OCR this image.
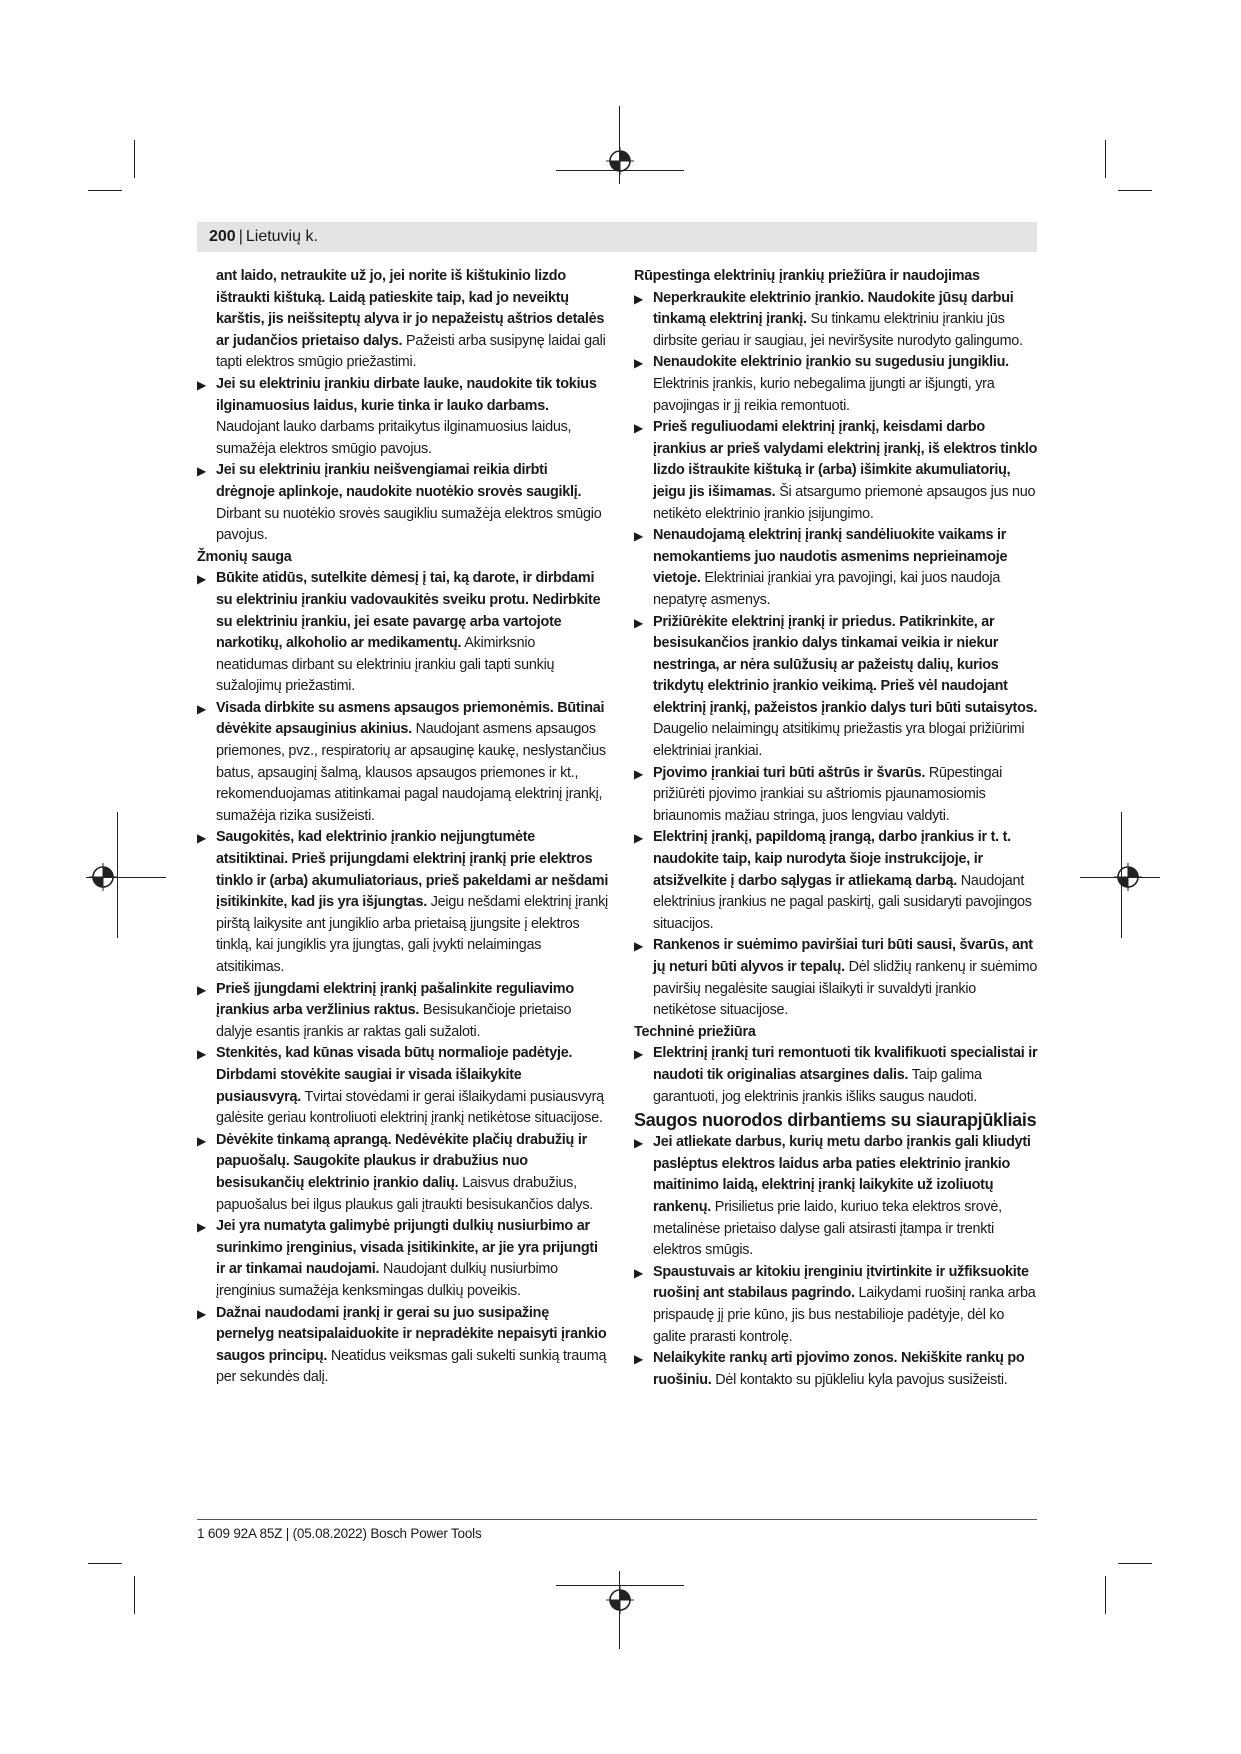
200 | Lietuvių k.

ant laido, netraukite už jo, jei norite iš kištukinio lizdo ištraukti kištuką. Laidą patieskite taip, kad jo neveiktų karštis, jis neišsiteptų alyva ir jo nepažeistų aštrios detalės ar judančios prietaiso dalys. Pažeisti arba susipynę laidai gali tapti elektros smūgio priežastimi.

▶ Jei su elektriniu įrankiu dirbate lauke, naudokite tik tokius ilginamuosius laidus, kurie tinka ir lauko darbams. Naudojant lauko darbams pritaikytus ilginamuosius laidus, sumažėja elektros smūgio pavojus.

▶ Jei su elektriniu įrankiu neišvengiamai reikia dirbti drėgnoje aplinkoje, naudokite nuotėkio srovės saugiklį. Dirbant su nuotėkio srovės saugikliu sumažėja elektros smūgio pavojus.

Žmonių sauga

▶ Būkite atidūs, sutelkite dėmesį į tai, ką darote, ir dirbdami su elektriniu įrankiu vadovaukitės sveiku protu. Nedirbkite su elektriniu įrankiu, jei esate pavargę arba vartojote narkotikų, alkoholio ar medikamentų. Akimirksnio neatidumas dirbant su elektriniu įrankiu gali tapti sunkių sužalojimų priežastimi.

▶ Visada dirbkite su asmens apsaugos priemonėmis. Būtinai dėvėkite apsauginius akinius. Naudojant asmens apsaugos priemones, pvz., respiratorių ar apsauginę kaukę, neslystančius batus, apsauginį šalmą, klausos apsaugos priemones ir kt., rekomenduojamas atitinkamai pagal naudojamą elektrinį įrankį, sumažėja rizika susižeisti.

▶ Saugokitės, kad elektrinio įrankio neįjungtumėte atsitiktinai. Prieš prijungdami elektrinį įrankį prie elektros tinklo ir (arba) akumuliatoriaus, prieš pakeldami ar nešdami įsitikinkite, kad jis yra išjungtas. Jeigu nešdami elektrinį įrankį pirštą laikysite ant jungiklio arba prietaisą įjungsite į elektros tinklą, kai jungiklis yra įjungtas, gali įvykti nelaimingas atsitikimas.

▶ Prieš įjungdami elektrinį įrankį pašalinkite reguliavimo įrankius arba veržlinius raktus. Besisukančioje prietaiso dalyje esantis įrankis ar raktas gali sužaloti.

▶ Stenkitės, kad kūnas visada būtų normalioje padėtyje. Dirbdami stovėkite saugiai ir visada išlaikykite pusiausvyrą. Tvirtai stovėdami ir gerai išlaikydami pusiausvyrą galėsite geriau kontroliuoti elektrinį įrankį netikėtose situacijose.

▶ Dėvėkite tinkamą aprangą. Nedėvėkite plačių drabužių ir papuošalų. Saugokite plaukus ir drabužius nuo besisukančių elektrinio įrankio dalių. Laisvus drabužius, papuošalus bei ilgus plaukus gali įtraukti besisukančios dalys.

▶ Jei yra numatyta galimybė prijungti dulkių nusiurbimo ar surinkimo įrenginius, visada įsitikinkite, ar jie yra prijungti ir ar tinkamai naudojami. Naudojant dulkių nusiurbimo įrenginius sumažėja kenksmingas dulkių poveikis.

▶ Dažnai naudodami įrankį ir gerai su juo susipažinę pernelyg neatsipalaiduokite ir nepradėkite nepaisyti įrankio saugos principų. Neatidus veiksmas gali sukelti sunkią traumą per sekundės dalį.

Rūpestinga elektrinių įrankių priežiūra ir naudojimas

▶ Neperkraukite elektrinio įrankio. Naudokite jūsų darbui tinkamą elektrinį įrankį. Su tinkamu elektriniu įrankiu jūs dirbsite geriau ir saugiau, jei neviršysite nurodyto galingumo.

▶ Nenaudokite elektrinio įrankio su sugedusiu jungikliu. Elektrinis įrankis, kurio nebegalima įjungti ar išjungti, yra pavojingas ir jį reikia remontuoti.

▶ Prieš reguliuodami elektrinį įrankį, keisdami darbo įrankius ar prieš valydami elektrinį įrankį, iš elektros tinklo lizdo ištraukite kištuką ir (arba) išimkite akumuliatorių, jeigu jis išimamas. Ši atsargumo priemonė apsaugos jus nuo netikėto elektrinio įrankio įsijungimo.

▶ Nenaudojamą elektrinį įrankį sandėliuokite vaikams ir nemokantiems juo naudotis asmenims neprieinamoje vietoje. Elektriniai įrankiai yra pavojingi, kai juos naudoja nepatyrę asmenys.

▶ Prižiūrėkite elektrinį įrankį ir priedus. Patikrinkite, ar besisukančios įrankio dalys tinkamai veikia ir niekur nestringa, ar nėra sulūžusių ar pažeistų dalių, kurios trikdytų elektrinio įrankio veikimą. Prieš vėl naudojant elektrinį įrankį, pažeistos įrankio dalys turi būti sutaisytos. Daugelio nelaimingų atsitikimų priežastis yra blogai prižiūrimi elektriniai įrankiai.

▶ Pjovimo įrankiai turi būti aštrūs ir švarūs. Rūpestingai prižiūrėti pjovimo įrankiai su aštriomis pjaunamosiomis briaunomis mažiau stringa, juos lengviau valdyti.

▶ Elektrinį įrankį, papildomą įrangą, darbo įrankius ir t. t. naudokite taip, kaip nurodyta šioje instrukcijoje, ir atsižvelkite į darbo sąlygas ir atliekamą darbą. Naudojant elektrinius įrankius ne pagal paskirtį, gali susidaryti pavojingos situacijos.

▶ Rankenos ir suėmimo paviršiai turi būti sausi, švarūs, ant jų neturi būti alyvos ir tepalų. Dėl slidžių rankenų ir suėmimo paviršių negalėsite saugiai išlaikyti ir suvaldyti įrankio netikėtose situacijose.

Techninė priežiūra

▶ Elektrinį įrankį turi remontuoti tik kvalifikuoti specialistai ir naudoti tik originalias atsargines dalis. Taip galima garantuoti, jog elektrinis įrankis išliks saugus naudoti.

Saugos nuorodos dirbantiems su siaurapjūkliais

▶ Jei atliekate darbus, kurių metu darbo įrankis gali kliudyti paslėptus elektros laidus arba paties elektrinio įrankio maitinimo laidą, elektrinį įrankį laikykite už izoliuotų rankenų. Prisilietus prie laido, kuriuo teka elektros srovė, metalinėse prietaiso dalyse gali atsirasti įtampa ir trenkti elektros smūgis.

▶ Spaustuvais ar kitokiu įrenginiu įtvirtinkite ir užfiksuokite ruošinį ant stabilaus pagrindo. Laikydami ruošinį ranka arba prispaudę jį prie kūno, jis bus nestabilioje padėtyje, dėl ko galite prarasti kontrolę.

▶ Nelaikykite rankų arti pjovimo zonos. Nekiškite rankų po ruošiniu. Dėl kontakto su pjūkleliu kyla pavojus susižeisti.

1 609 92A 85Z | (05.08.2022) Bosch Power Tools
